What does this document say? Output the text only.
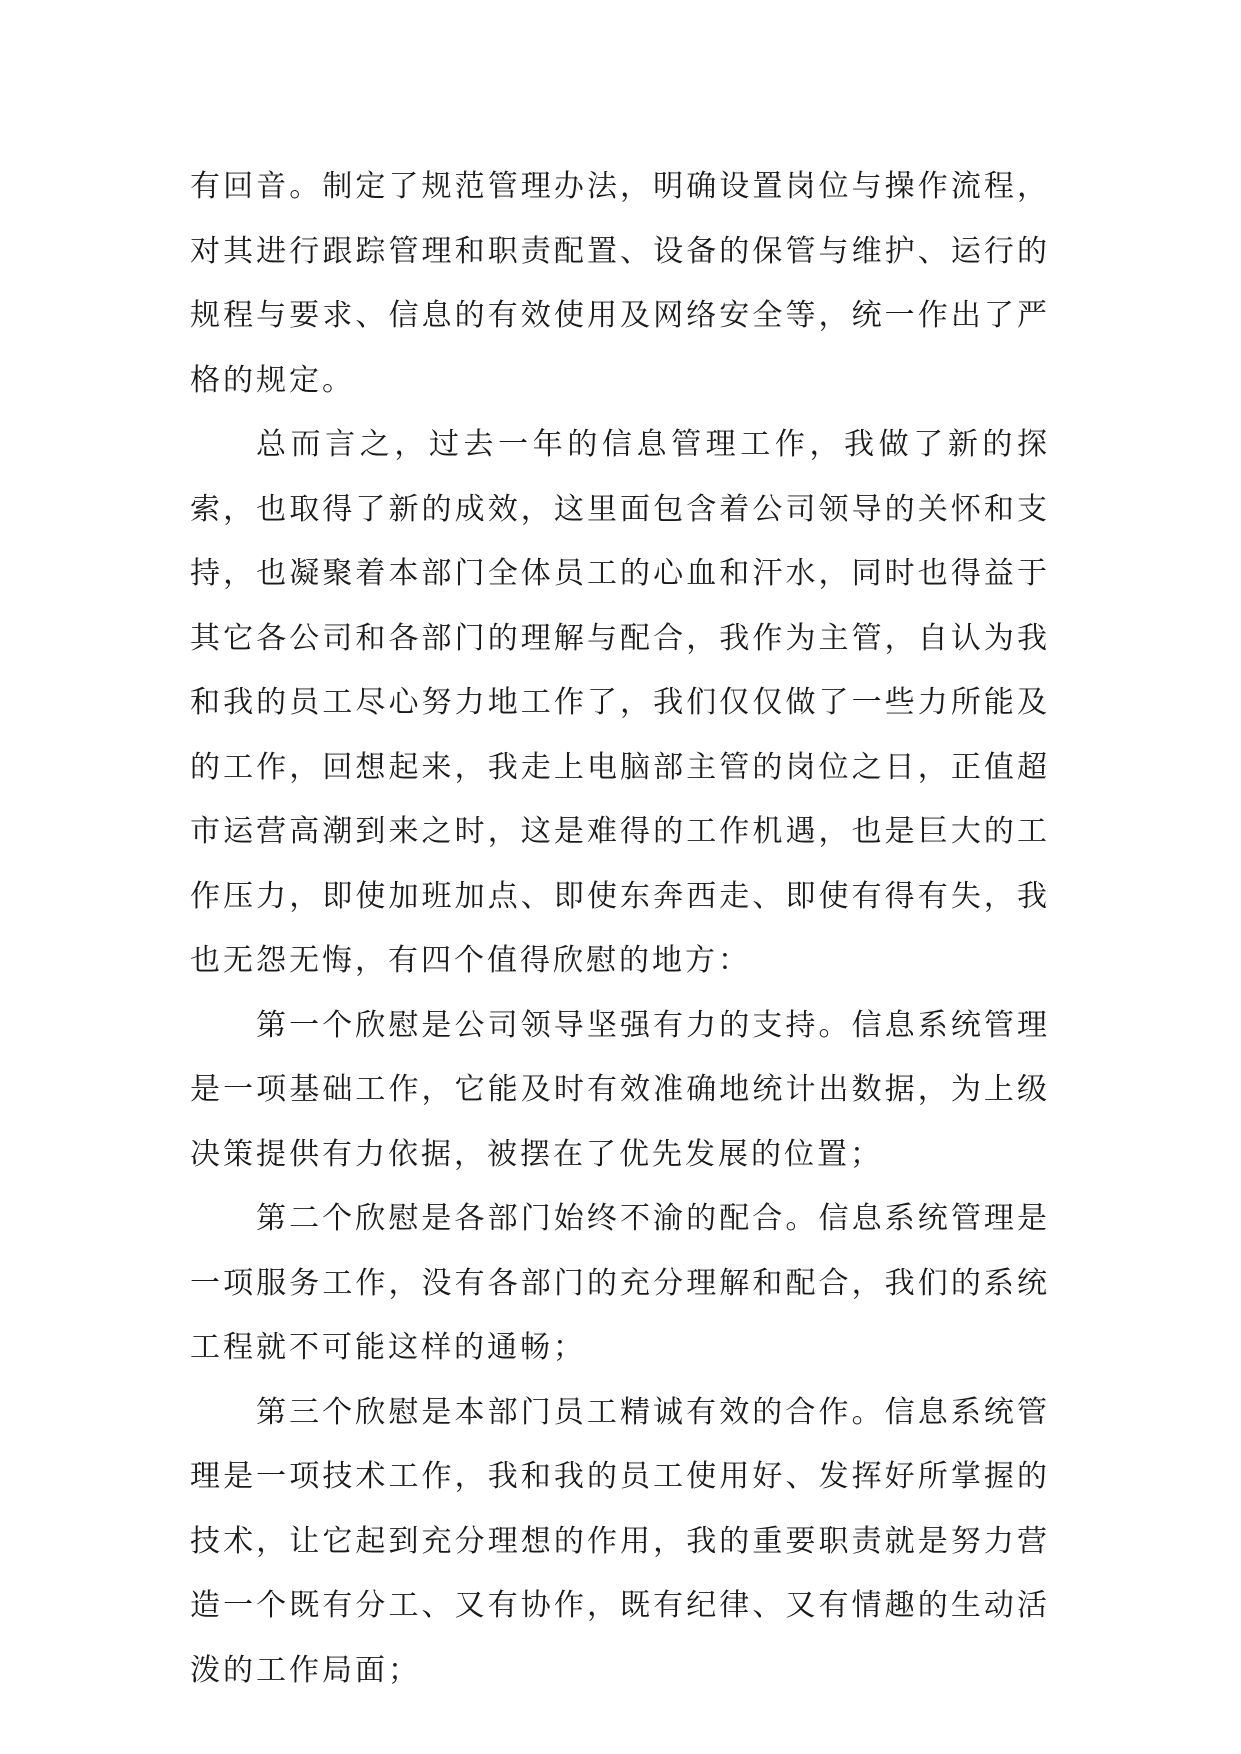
有回音。制定了规范管理办法，明确设置岗位与操作流程，对其进行跟踪管理和职责配置、设备的保管与维护、运行的规程与要求、信息的有效使用及网络安全等，统一作出了严格的规定。

总而言之，过去一年的信息管理工作，我做了新的探索，也取得了新的成效，这里面包含着公司领导的关怀和支持，也凝聚着本部门全体员工的心血和汗水，同时也得益于其它各公司和各部门的理解与配合，我作为主管，自认为我和我的员工尽心努力地工作了，我们仅仅做了一些力所能及的工作，回想起来，我走上电脑部主管的岗位之日，正值超市运营高潮到来之时，这是难得的工作机遇，也是巨大的工作压力，即使加班加点、即使东奔西走、即使有得有失，我也无怨无悔，有四个值得欣慰的地方：

第一个欣慰是公司领导坚强有力的支持。信息系统管理是一项基础工作，它能及时有效准确地统计出数据，为上级决策提供有力依据，被摆在了优先发展的位置；

第二个欣慰是各部门始终不渝的配合。信息系统管理是一项服务工作，没有各部门的充分理解和配合，我们的系统工程就不可能这样的通畅；

第三个欣慰是本部门员工精诚有效的合作。信息系统管理是一项技术工作，我和我的员工使用好、发挥好所掌握的技术，让它起到充分理想的作用，我的重要职责就是努力营造一个既有分工、又有协作，既有纪律、又有情趣的生动活泼的工作局面；
